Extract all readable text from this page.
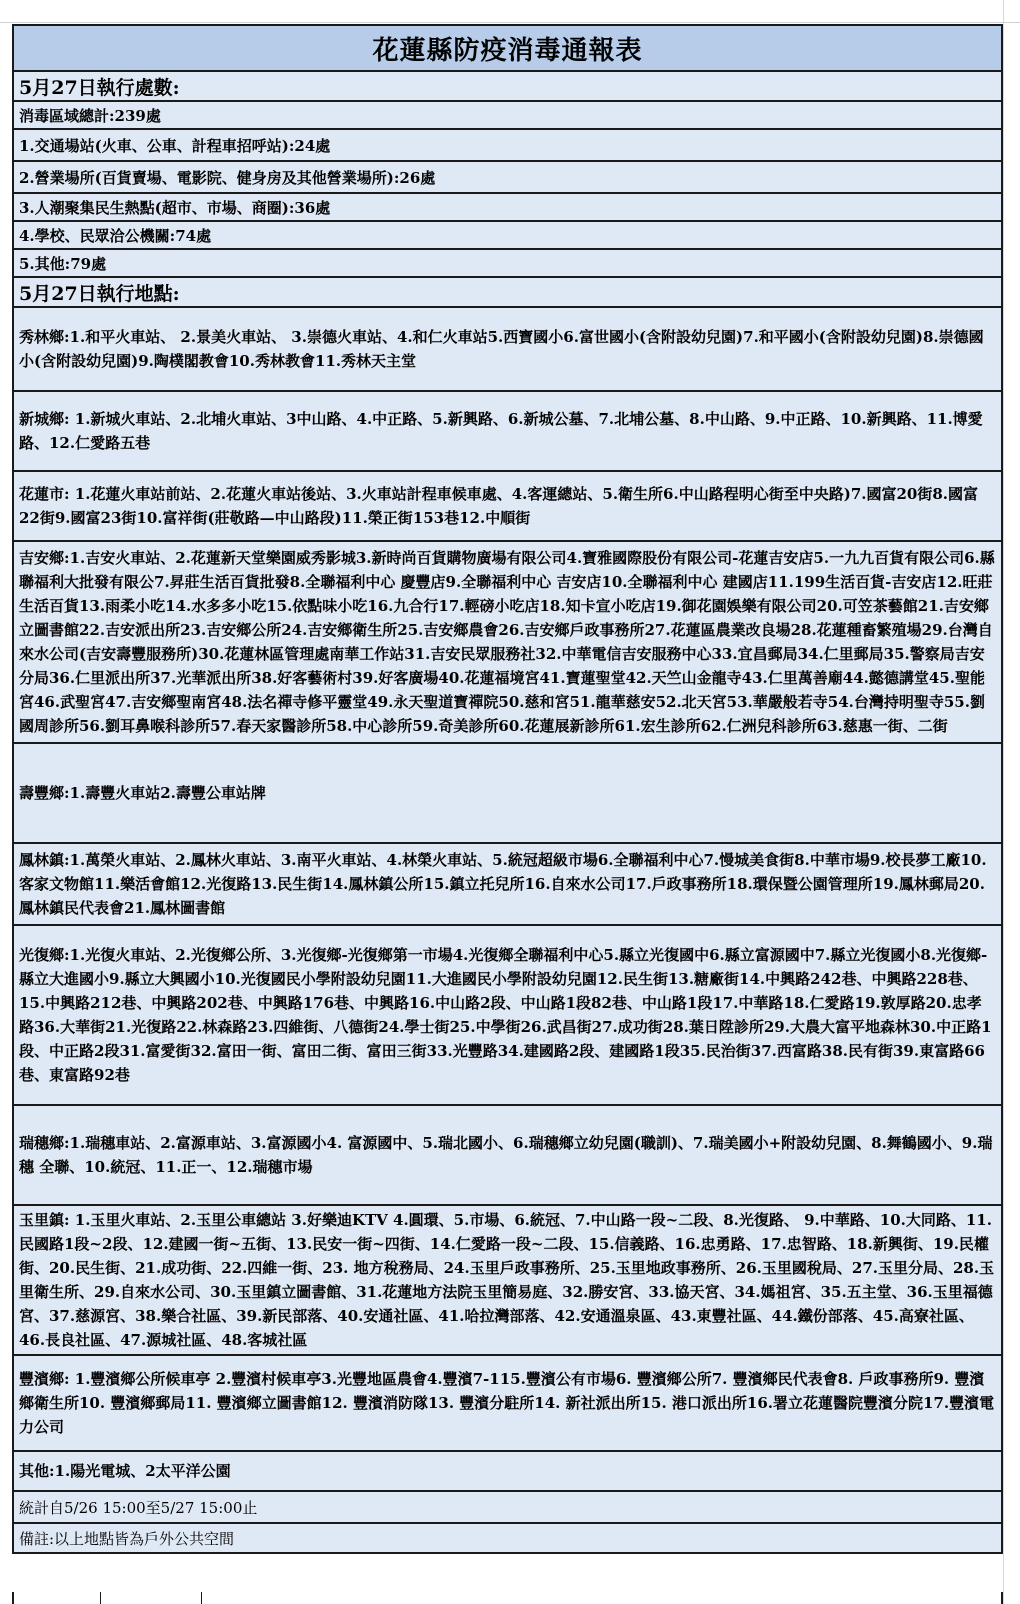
花蓮縣防疫消毒通報表
5月27日執行處數:
消毒區域總計:239處
1.交通場站(火車、公車、計程車招呼站):24處
2.營業場所(百貨賣場、電影院、健身房及其他營業場所):26處
3.人潮聚集民生熱點(超市、市場、商圈):36處
4.學校、民眾洽公機關:74處
5.其他:79處
5月27日執行地點:
秀林鄉:1.和平火車站、 2.景美火車站、 3.崇德火車站、4.和仁火車站5.西寶國小6.富世國小(含附設幼兒園)7.和平國小(含附設幼兒園)8.崇德國小(含附設幼兒園)9.陶樸閣教會10.秀林教會11.秀林天主堂
新城鄉: 1.新城火車站、2.北埔火車站、3中山路、4.中正路、5.新興路、6.新城公墓、7.北埔公墓、8.中山路、9.中正路、10.新興路、11.博愛路、12.仁愛路五巷
花蓮市: 1.花蓮火車站前站、2.花蓮火車站後站、3.火車站計程車候車處、4.客運總站、5.衛生所6.中山路程明心街至中央路)7.國富20街8.國富22街9.國富23街10.富祥街(莊敬路—中山路段)11.榮正街153巷12.中順街
吉安鄉:1.吉安火車站、2.花蓮新天堂樂園威秀影城3.新時尚百貨購物廣場有限公司4.寶雅國際股份有限公司-花蓮吉安店5.一九九百貨有限公司6.縣聯福利大批發有限公7.昇莊生活百貨批發8.全聯福利中心 慶豐店9.全聯福利中心 吉安店10.全聯福利中心 建國店11.199生活百貨-吉安店12.旺莊生活百貨13.雨柔小吃14.水多多小吃15.依點味小吃16.九合行17.輕磅小吃店18.知卡宣小吃店19.御花園娛樂有限公司20.可笠茶藝館21.吉安鄉立圖書館22.吉安派出所23.吉安鄉公所24.吉安鄉衛生所25.吉安鄉農會26.吉安鄉戶政事務所27.花蓮區農業改良場28.花蓮種畜繁殖場29.台灣自來水公司(吉安壽豐服務所)30.花蓮林區管理處南華工作站31.吉安民眾服務社32.中華電信吉安服務中心33.宜昌郵局34.仁里郵局35.警察局吉安分局36.仁里派出所37.光華派出所38.好客藝術村39.好客廣場40.花蓮福境宮41.寶蓮聖堂42.天竺山金龍寺43.仁里萬善廟44.懿德講堂45.聖能宮46.武聖宮47.吉安鄉聖南宮48.法名禪寺修平靈堂49.永天聖道寶禪院50.慈和宮51.龍華慈安52.北天宮53.華嚴般若寺54.台灣持明聖寺55.劉國周診所56.劉耳鼻喉科診所57.春天家醫診所58.中心診所59.奇美診所60.花蓮展新診所61.宏生診所62.仁洲兒科診所63.慈惠一街、二街
壽豐鄉:1.壽豐火車站2.壽豐公車站牌
鳳林鎮:1.萬榮火車站、2.鳳林火車站、3.南平火車站、4.林榮火車站、5.統冠超級市場6.全聯福利中心7.慢城美食街8.中華市場9.校長夢工廠10.客家文物館11.樂活會館12.光復路13.民生街14.鳳林鎮公所15.鎮立托兒所16.自來水公司17.戶政事務所18.環保暨公園管理所19.鳳林郵局20.鳳林鎮民代表會21.鳳林圖書館
光復鄉:1.光復火車站、2.光復鄉公所、3.光復鄉-光復鄉第一市場4.光復鄉全聯福利中心5.縣立光復國中6.縣立富源國中7.縣立光復國小8.光復鄉-縣立大進國小9.縣立大興國小10.光復國民小學附設幼兒園11.大進國民小學附設幼兒園12.民生街13.糖廠街14.中興路242巷、中興路228巷、15.中興路212巷、中興路202巷、中興路176巷、中興路16.中山路2段、中山路1段82巷、中山路1段17.中華路18.仁愛路19.敦厚路20.忠孝路36.大華街21.光復路22.林森路23.四維街、八德街24.學士街25.中學街26.武昌街27.成功街28.葉日陞診所29.大農大富平地森林30.中正路1段、中正路2段31.富愛街32.富田一街、富田二街、富田三街33.光豐路34.建國路2段、建國路1段35.民治街37.西富路38.民有街39.東富路66巷、東富路92巷
瑞穗鄉:1.瑞穗車站、2.富源車站、3.富源國小4. 富源國中、5.瑞北國小、6.瑞穗鄉立幼兒園(職訓)、7.瑞美國小+附設幼兒園、8.舞鶴國小、9.瑞穗 全聯、10.統冠、11.正一、12.瑞穗市場
玉里鎮: 1.玉里火車站、2.玉里公車總站 3.好樂迪KTV 4.圓環、5.市場、6.統冠、7.中山路一段~二段、8.光復路、 9.中華路、10.大同路、11.民國路1段~2段、12.建國一街~五街、13.民安一街~四街、14.仁愛路一段~二段、15.信義路、16.忠勇路、17.忠智路、18.新興街、19.民權街、20.民生街、21.成功街、22.四維一街、23. 地方稅務局、24.玉里戶政事務所、25.玉里地政事務所、26.玉里國稅局、27.玉里分局、28.玉里衛生所、29.自來水公司、30.玉里鎮立圖書館、31.花蓮地方法院玉里簡易庭、32.勝安宮、33.協天宮、34.媽祖宮、35.五主堂、36.玉里福德宮、37.慈源宮、38.樂合社區、39.新民部落、40.安通社區、41.哈拉灣部落、42.安通溫泉區、43.東豐社區、44.鐵份部落、45.高寮社區、46.長良社區、47.源城社區、48.客城社區
豐濱鄉: 1.豐濱鄉公所候車亭 2.豐濱村候車亭3.光豐地區農會4.豐濱7-115.豐濱公有市場6. 豐濱鄉公所7. 豐濱鄉民代表會8. 戶政事務所9. 豐濱鄉衛生所10. 豐濱鄉郵局11. 豐濱鄉立圖書館12. 豐濱消防隊13. 豐濱分駐所14. 新社派出所15. 港口派出所16.署立花蓮醫院豐濱分院17.豐濱電力公司
其他:1.陽光電城、2太平洋公園
統計自5/26 15:00至5/27 15:00止
備註:以上地點皆為戶外公共空間
